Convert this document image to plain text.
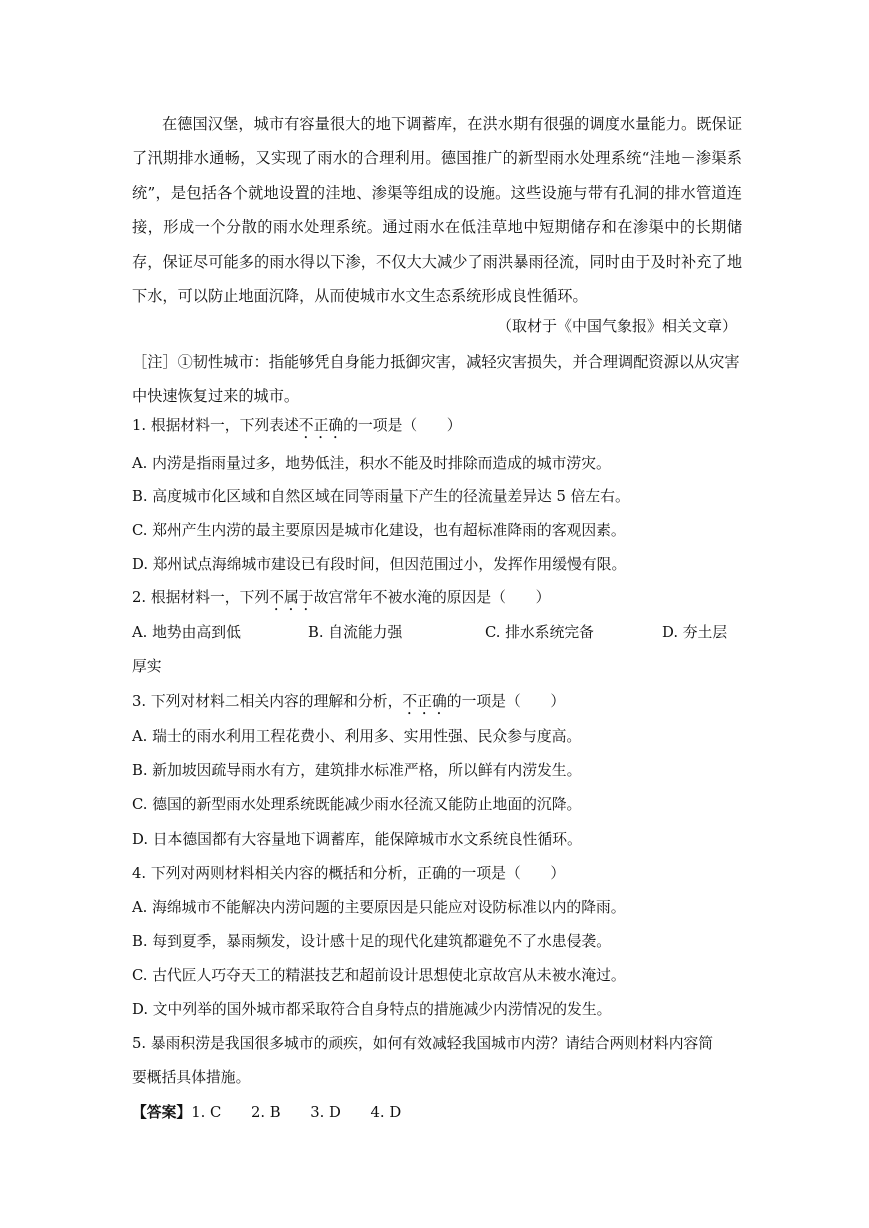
在德国汉堡，城市有容量很大的地下调蓄库，在洪水期有很强的调度水量能力。既保证了汛期排水通畅，又实现了雨水的合理利用。德国推广的新型雨水处理系统“洼地－渗渠系统”，是包括各个就地设置的洼地、渗渠等组成的设施。这些设施与带有孔洞的排水管道连接，形成一个分散的雨水处理系统。通过雨水在低洼草地中短期储存和在渗渠中的长期储存，保证尽可能多的雨水得以下渗，不仅大大减少了雨洪暴雨径流，同时由于及时补充了地下水，可以防止地面沉降，从而使城市水文生态系统形成良性循环。

（取材于《中国气象报》相关文章）

［注］①韧性城市：指能够凭自身能力抵御灾害，减轻灾害损失，并合理调配资源以从灾害中快速恢复过来的城市。

1. 根据材料一，下列表述不正确的一项是（　　）

A. 内涝是指雨量过多，地势低洼，积水不能及时排除而造成的城市涝灾。

B. 高度城市化区域和自然区域在同等雨量下产生的径流量差异达 5 倍左右。

C. 郑州产生内涝的最主要原因是城市化建设，也有超标准降雨的客观因素。

D. 郑州试点海绵城市建设已有段时间，但因范围过小，发挥作用缓慢有限。

2. 根据材料一，下列不属于故宫常年不被水淹的原因是（　　）

A. 地势由高到低	B. 自流能力强	C. 排水系统完备	D. 夯土层

厚实

3. 下列对材料二相关内容的理解和分析，不正确的一项是（　　）

A. 瑞士的雨水利用工程花费小、利用多、实用性强、民众参与度高。

B. 新加坡因疏导雨水有方，建筑排水标准严格，所以鲜有内涝发生。

C. 德国的新型雨水处理系统既能减少雨水径流又能防止地面的沉降。

D. 日本德国都有大容量地下调蓄库，能保障城市水文系统良性循环。

4. 下列对两则材料相关内容的概括和分析，正确的一项是（　　）

A. 海绵城市不能解决内涝问题的主要原因是只能应对设防标准以内的降雨。

B. 每到夏季，暴雨频发，设计感十足的现代化建筑都避免不了水患侵袭。

C. 古代匠人巧夺天工的精湛技艺和超前设计思想使北京故宫从未被水淹过。

D. 文中列举的国外城市都采取符合自身特点的措施减少内涝情况的发生。

5. 暴雨积涝是我国很多城市的顽疾，如何有效减轻我国城市内涝？请结合两则材料内容简

要概括具体措施。

【答案】1. C　　2. B　　3. D　　4. D
